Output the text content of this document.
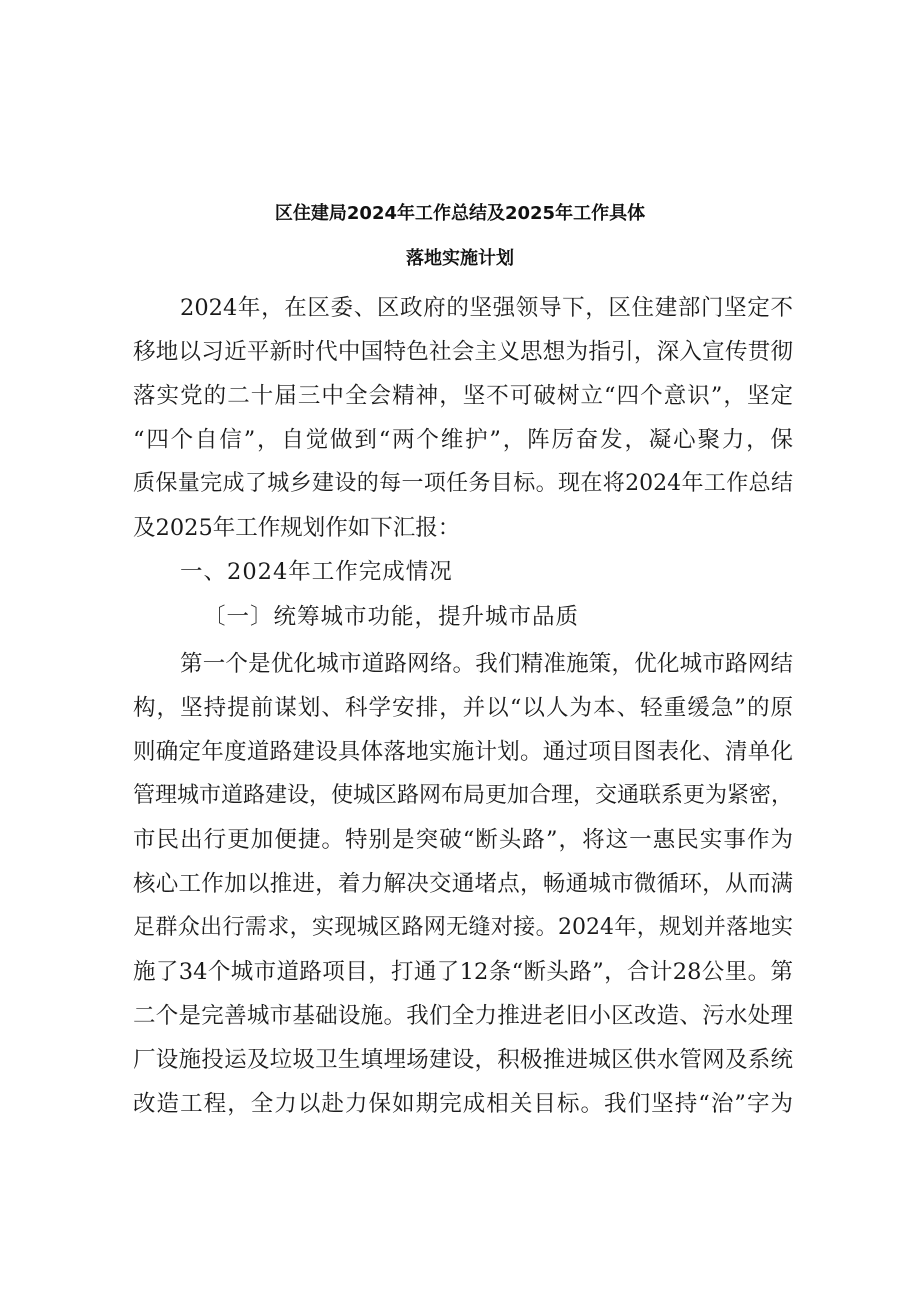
区住建局2024年工作总结及2025年工作具体
落地实施计划
2024年，在区委、区政府的坚强领导下，区住建部门坚定不
移地以习近平新时代中国特色社会主义思想为指引，深入宣传贯彻
落实党的二十届三中全会精神，坚不可破树立“四个意识”，坚定
“四个自信”，自觉做到“两个维护”，阵厉奋发，凝心聚力，保
质保量完成了城乡建设的每一项任务目标。现在将2024年工作总结
及2025年工作规划作如下汇报：
一、2024年工作完成情况
〔一〕统筹城市功能，提升城市品质
第一个是优化城市道路网络。我们精准施策，优化城市路网结
构，坚持提前谋划、科学安排，并以“以人为本、轻重缓急”的原
则确定年度道路建设具体落地实施计划。通过项目图表化、清单化
管理城市道路建设，使城区路网布局更加合理，交通联系更为紧密，
市民出行更加便捷。特别是突破“断头路”，将这一惠民实事作为
核心工作加以推进，着力解决交通堵点，畅通城市微循环，从而满
足群众出行需求，实现城区路网无缝对接。2024年，规划并落地实
施了34个城市道路项目，打通了12条“断头路”，合计28公里。第
二个是完善城市基础设施。我们全力推进老旧小区改造、污水处理
厂设施投运及垃圾卫生填埋场建设，积极推进城区供水管网及系统
改造工程，全力以赴力保如期完成相关目标。我们坚持“治”字为
